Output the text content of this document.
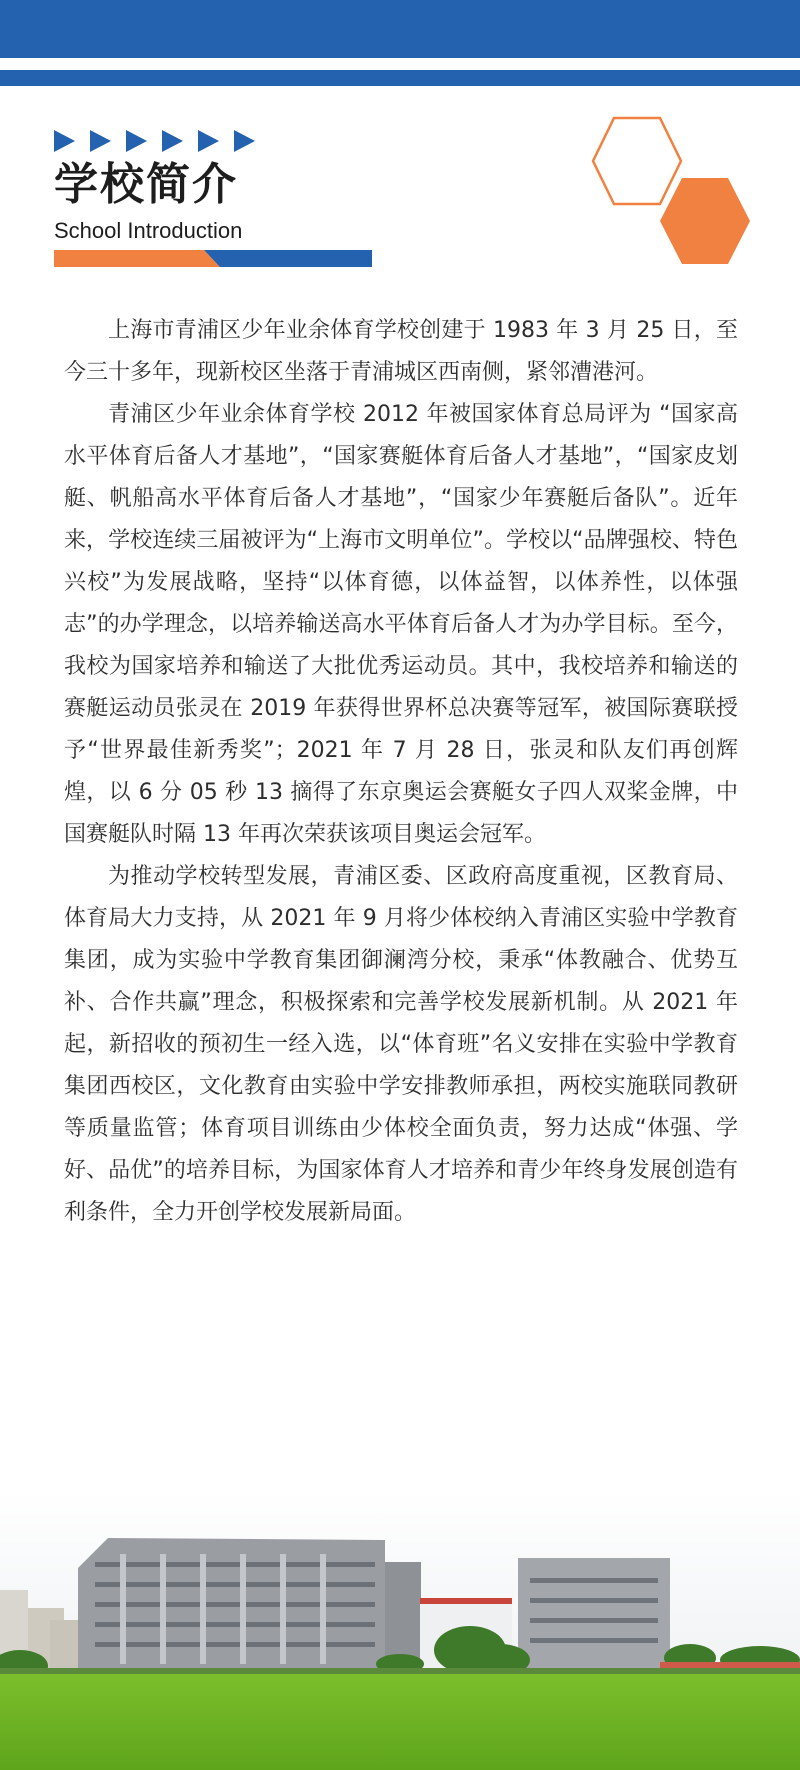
学校简介
School Introduction

上海市青浦区少年业余体育学校创建于 1983 年 3 月 25 日，至今三十多年，现新校区坐落于青浦城区西南侧，紧邻漕港河。

青浦区少年业余体育学校 2012 年被国家体育总局评为 “国家高水平体育后备人才基地”，“国家赛艇体育后备人才基地”，“国家皮划艇、帆船高水平体育后备人才基地”，“国家少年赛艇后备队”。近年来，学校连续三届被评为“上海市文明单位”。学校以“品牌强校、特色兴校”为发展战略，坚持“以体育德，以体益智，以体养性，以体强志”的办学理念，以培养输送高水平体育后备人才为办学目标。至今，我校为国家培养和输送了大批优秀运动员。其中，我校培养和输送的赛艇运动员张灵在 2019 年获得世界杯总决赛等冠军，被国际赛联授予“世界最佳新秀奖”；2021 年 7 月 28 日，张灵和队友们再创辉煌，以 6 分 05 秒 13 摘得了东京奥运会赛艇女子四人双桨金牌，中国赛艇队时隔 13 年再次荣获该项目奥运会冠军。

为推动学校转型发展，青浦区委、区政府高度重视，区教育局、体育局大力支持，从 2021 年 9 月将少体校纳入青浦区实验中学教育集团，成为实验中学教育集团御澜湾分校，秉承“体教融合、优势互补、合作共赢”理念，积极探索和完善学校发展新机制。从 2021 年起，新招收的预初生一经入选，以“体育班”名义安排在实验中学教育集团西校区，文化教育由实验中学安排教师承担，两校实施联同教研等质量监管；体育项目训练由少体校全面负责，努力达成“体强、学好、品优”的培养目标，为国家体育人才培养和青少年终身发展创造有利条件，全力开创学校发展新局面。
